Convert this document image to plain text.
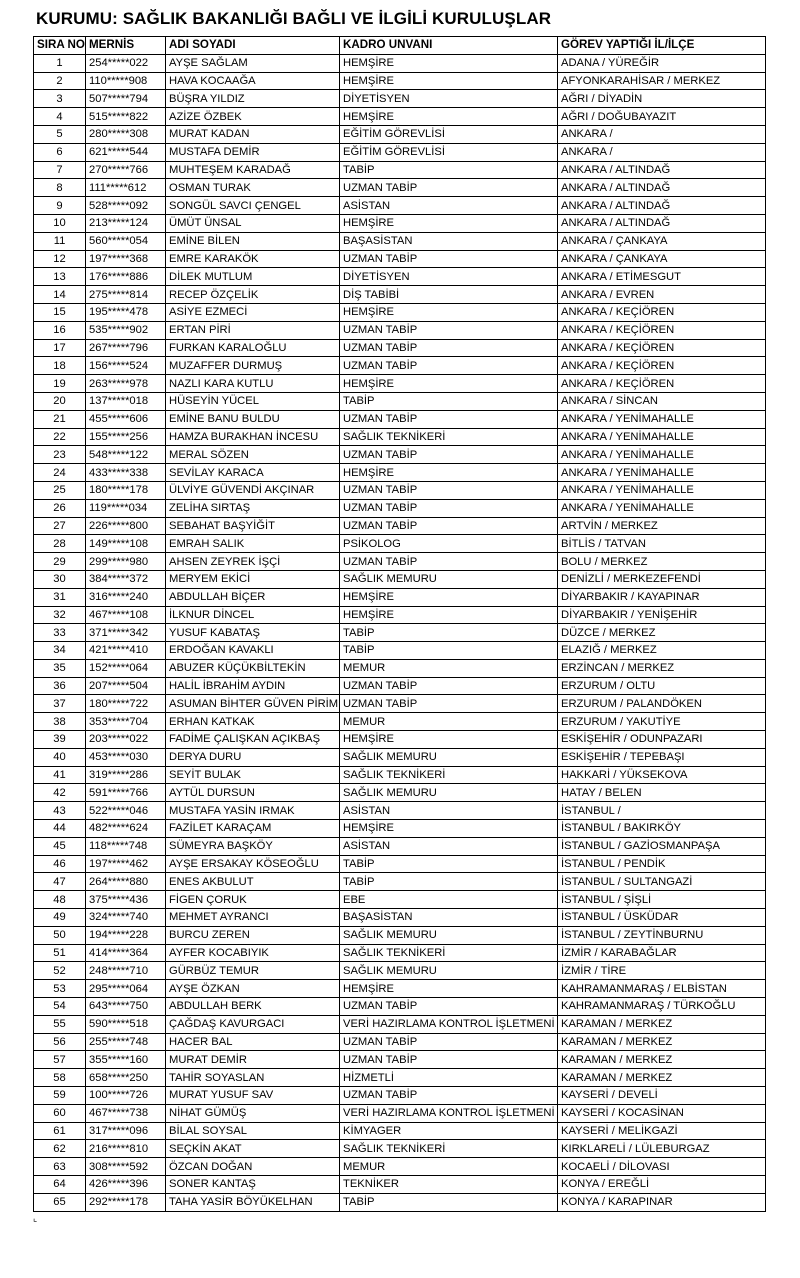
KURUMU: SAĞLIK BAKANLIĞI BAĞLI VE İLGİLİ KURULUŞLAR
SIRA NO	MERNİS	ADI SOYADI	KADRO UNVANI	GÖREV YAPTIĞI İL/İLÇE
1	254*****022	AYŞE SAĞLAM	HEMŞİRE	ADANA / YÜREĞİR
2	110*****908	HAVA KOCAAĞA	HEMŞİRE	AFYONKARAHİSAR / MERKEZ
3	507*****794	BÜŞRA YILDIZ	DİYETİSYEN	AĞRI / DİYADİN
4	515*****822	AZİZE ÖZBEK	HEMŞİRE	AĞRI / DOĞUBAYAZIT
5	280*****308	MURAT KADAN	EĞİTİM GÖREVLİSİ	ANKARA /
6	621*****544	MUSTAFA DEMİR	EĞİTİM GÖREVLİSİ	ANKARA /
7	270*****766	MUHTEŞEM KARADAĞ	TABİP	ANKARA / ALTINDAĞ
8	111*****612	OSMAN TURAK	UZMAN TABİP	ANKARA / ALTINDAĞ
9	528*****092	SONGÜL SAVCI ÇENGEL	ASİSTAN	ANKARA / ALTINDAĞ
10	213*****124	ÜMÜT ÜNSAL	HEMŞİRE	ANKARA / ALTINDAĞ
11	560*****054	EMİNE BİLEN	BAŞASİSTAN	ANKARA / ÇANKAYA
12	197*****368	EMRE KARAKÖK	UZMAN TABİP	ANKARA / ÇANKAYA
13	176*****886	DİLEK MUTLUM	DİYETİSYEN	ANKARA / ETİMESGUT
14	275*****814	RECEP ÖZÇELİK	DİŞ TABİBİ	ANKARA / EVREN
15	195*****478	ASİYE EZMECİ	HEMŞİRE	ANKARA / KEÇİÖREN
16	535*****902	ERTAN PİRİ	UZMAN TABİP	ANKARA / KEÇİÖREN
17	267*****796	FURKAN KARALOĞLU	UZMAN TABİP	ANKARA / KEÇİÖREN
18	156*****524	MUZAFFER DURMUŞ	UZMAN TABİP	ANKARA / KEÇİÖREN
19	263*****978	NAZLI KARA KUTLU	HEMŞİRE	ANKARA / KEÇİÖREN
20	137*****018	HÜSEYİN YÜCEL	TABİP	ANKARA / SİNCAN
21	455*****606	EMİNE BANU BULDU	UZMAN TABİP	ANKARA / YENİMAHALLE
22	155*****256	HAMZA BURAKHAN İNCESU	SAĞLIK TEKNİKERİ	ANKARA / YENİMAHALLE
23	548*****122	MERAL SÖZEN	UZMAN TABİP	ANKARA / YENİMAHALLE
24	433*****338	SEVİLAY KARACA	HEMŞİRE	ANKARA / YENİMAHALLE
25	180*****178	ÜLVİYE GÜVENDİ AKÇINAR	UZMAN TABİP	ANKARA / YENİMAHALLE
26	119*****034	ZELİHA SIRTAŞ	UZMAN TABİP	ANKARA / YENİMAHALLE
27	226*****800	SEBAHAT BAŞYİĞİT	UZMAN TABİP	ARTVİN / MERKEZ
28	149*****108	EMRAH SALIK	PSİKOLOG	BİTLİS / TATVAN
29	299*****980	AHSEN ZEYREK İŞÇİ	UZMAN TABİP	BOLU / MERKEZ
30	384*****372	MERYEM EKİCİ	SAĞLIK MEMURU	DENİZLİ / MERKEZEFENDİ
31	316*****240	ABDULLAH BİÇER	HEMŞİRE	DİYARBAKIR / KAYAPINAR
32	467*****108	İLKNUR DİNCEL	HEMŞİRE	DİYARBAKIR / YENİŞEHİR
33	371*****342	YUSUF KABATAŞ	TABİP	DÜZCE / MERKEZ
34	421*****410	ERDOĞAN KAVAKLI	TABİP	ELAZIĞ / MERKEZ
35	152*****064	ABUZER KÜÇÜKBİLTEKİN	MEMUR	ERZİNCAN / MERKEZ
36	207*****504	HALİL İBRAHİM AYDIN	UZMAN TABİP	ERZURUM / OLTU
37	180*****722	ASUMAN BİHTER GÜVEN PİRİM	UZMAN TABİP	ERZURUM / PALANDÖKEN
38	353*****704	ERHAN KATKAK	MEMUR	ERZURUM / YAKUTİYE
39	203*****022	FADİME ÇALIŞKAN AÇIKBAŞ	HEMŞİRE	ESKİŞEHİR / ODUNPAZARI
40	453*****030	DERYA DURU	SAĞLIK MEMURU	ESKİŞEHİR / TEPEBAŞI
41	319*****286	SEYİT BULAK	SAĞLIK TEKNİKERİ	HAKKARİ / YÜKSEKOVA
42	591*****766	AYTÜL DURSUN	SAĞLIK MEMURU	HATAY / BELEN
43	522*****046	MUSTAFA YASİN IRMAK	ASİSTAN	İSTANBUL /
44	482*****624	FAZİLET KARAÇAM	HEMŞİRE	İSTANBUL / BAKIRKÖY
45	118*****748	SÜMEYRA BAŞKÖY	ASİSTAN	İSTANBUL / GAZİOSMANPAŞA
46	197*****462	AYŞE ERSAKAY KÖSEOĞLU	TABİP	İSTANBUL / PENDİK
47	264*****880	ENES AKBULUT	TABİP	İSTANBUL / SULTANGAZİ
48	375*****436	FİGEN ÇORUK	EBE	İSTANBUL / ŞİŞLİ
49	324*****740	MEHMET AYRANCI	BAŞASİSTAN	İSTANBUL / ÜSKÜDAR
50	194*****228	BURCU ZEREN	SAĞLIK MEMURU	İSTANBUL / ZEYTİNBURNU
51	414*****364	AYFER KOCABIYIK	SAĞLIK TEKNİKERİ	İZMİR / KARABAĞLAR
52	248*****710	GÜRBÜZ TEMUR	SAĞLIK MEMURU	İZMİR / TİRE
53	295*****064	AYŞE ÖZKAN	HEMŞİRE	KAHRAMANMARAŞ / ELBİSTAN
54	643*****750	ABDULLAH BERK	UZMAN TABİP	KAHRAMANMARAŞ / TÜRKOĞLU
55	590*****518	ÇAĞDAŞ KAVURGACI	VERİ HAZIRLAMA KONTROL İŞLETMENİ	KARAMAN / MERKEZ
56	255*****748	HACER BAL	UZMAN TABİP	KARAMAN / MERKEZ
57	355*****160	MURAT DEMİR	UZMAN TABİP	KARAMAN / MERKEZ
58	658*****250	TAHİR SOYASLAN	HİZMETLİ	KARAMAN / MERKEZ
59	100*****726	MURAT YUSUF SAV	UZMAN TABİP	KAYSERİ / DEVELİ
60	467*****738	NİHAT GÜMÜŞ	VERİ HAZIRLAMA KONTROL İŞLETMENİ	KAYSERİ / KOCASİNAN
61	317*****096	BİLAL SOYSAL	KİMYAGER	KAYSERİ / MELİKGAZİ
62	216*****810	SEÇKİN AKAT	SAĞLIK TEKNİKERİ	KIRKLARELİ / LÜLEBURGAZ
63	308*****592	ÖZCAN DOĞAN	MEMUR	KOCAELİ / DİLOVASI
64	426*****396	SONER KANTAŞ	TEKNİKER	KONYA / EREĞLİ
65	292*****178	TAHA YASİR BÖYÜKELHAN	TABİP	KONYA / KARAPINAR
⌞
